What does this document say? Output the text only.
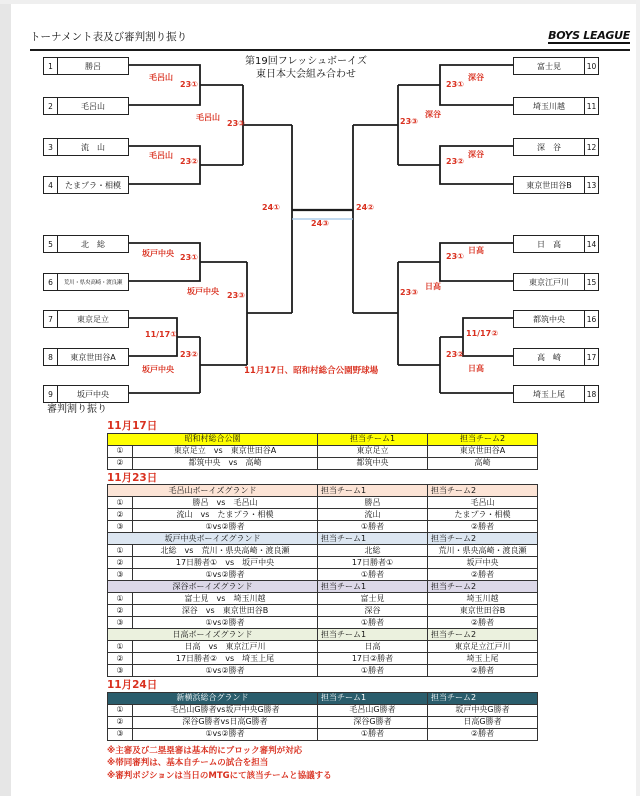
トーナメント表及び審判割り振り	BOYS LEAGUE
第19回フレッシュボーイズ
東日本大会組み合わせ
1	勝呂
2	毛呂山
3	流　山
4	たまプラ・相模
5	北　総
6	荒川・県央高崎・渡良瀬
7	東京足立
8	東京世田谷A
9	坂戸中央
富士見	10
埼玉川越	11
深　谷	12
東京世田谷B	13
日　高	14
東京江戸川	15
都筑中央	16
高　崎	17
埼玉上尾	18
毛呂山
23①
毛呂山
23②
毛呂山
23③
坂戸中央 23①
坂戸中央 23③
11/17①
23②
坂戸中央
24①	24②
24③
深谷
23①
深谷
23③
深谷
23②
日高
23①
日高
23③
11/17②
23②
日高
11月17日、昭和村総合公園野球場
審判割り振り
11月17日
昭和村総合公園		担当チーム1	担当チーム2
①	東京足立　vs　東京世田谷A	東京足立	東京世田谷A
②	都筑中央　vs　高崎	都筑中央	高崎
11月23日
毛呂山ボーイズグランド		担当チーム1	担当チーム2
①	勝呂　vs　毛呂山	勝呂	毛呂山
②	流山　vs　たまプラ・相模	流山	たまプラ・相模
③	①vs②勝者	①勝者	②勝者
坂戸中央ボーイズグランド		担当チーム1	担当チーム2
①	北総　vs　荒川・県央高崎・渡良瀬	北総	荒川・県央高崎・渡良瀬
②	17日勝者①　vs　坂戸中央	17日勝者①	坂戸中央
③	①vs②勝者	①勝者	②勝者
深谷ボーイズグランド		担当チーム1	担当チーム2
①	富士見　vs　埼玉川越	富士見	埼玉川越
②	深谷　vs　東京世田谷B	深谷	東京世田谷B
③	①vs②勝者	①勝者	②勝者
日高ボーイズグランド		担当チーム1	担当チーム2
①	日高　vs　東京江戸川	日高	東京足立江戸川
②	17日勝者②　vs　埼玉上尾	17日②勝者	埼玉上尾
③	①vs②勝者	①勝者	②勝者
11月24日
新横浜総合グランド		担当チーム1	担当チーム2
①	毛呂山G勝者vs坂戸中央G勝者	毛呂山G勝者	坂戸中央G勝者
②	深谷G勝者vs日高G勝者	深谷G勝者	日高G勝者
③	①vs②勝者	①勝者	②勝者
※主審及び二塁塁審は基本的にブロック審判が対応
※帯同審判は、基本自チームの試合を担当
※審判ポジションは当日のMTGにて該当チームと協議する
